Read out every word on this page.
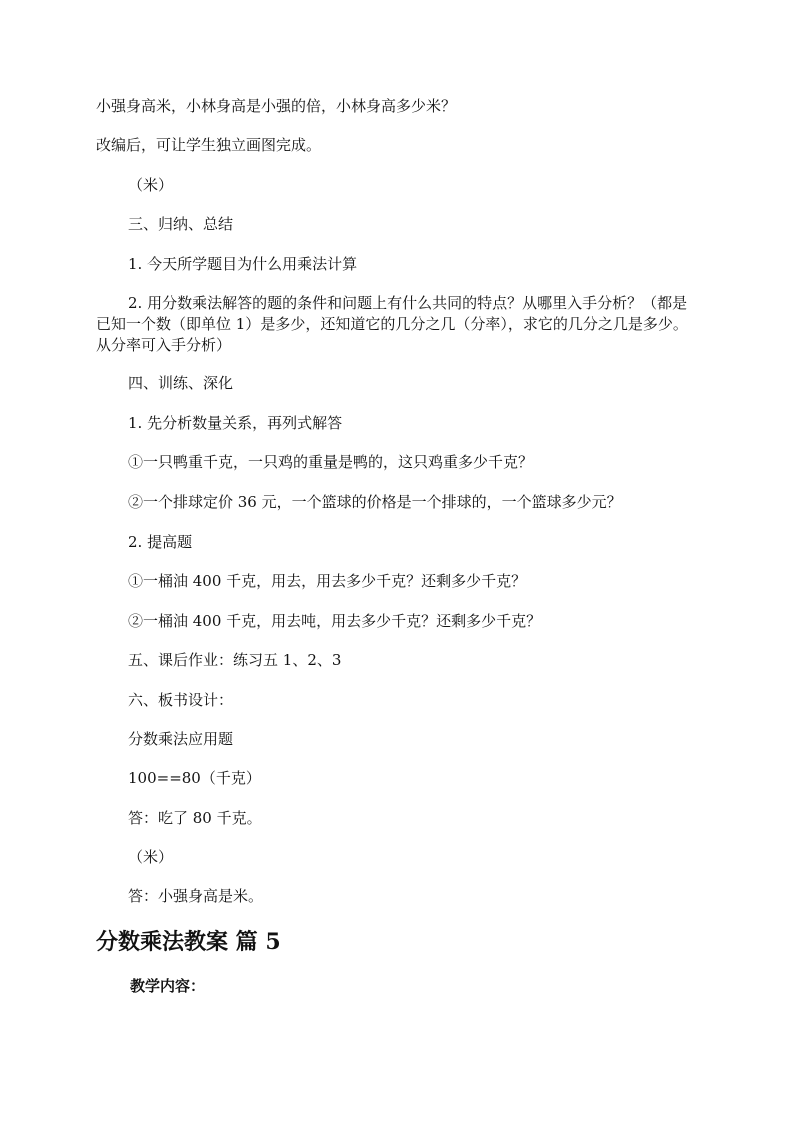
小强身高米，小林身高是小强的倍，小林身高多少米？

改编后，可让学生独立画图完成。

（米）

三、归纳、总结

1. 今天所学题目为什么用乘法计算

2. 用分数乘法解答的题的条件和问题上有什么共同的特点？从哪里入手分析？（都是已知一个数（即单位 1）是多少，还知道它的几分之几（分率），求它的几分之几是多少。从分率可入手分析）

四、训练、深化

1. 先分析数量关系，再列式解答

①一只鸭重千克，一只鸡的重量是鸭的，这只鸡重多少千克？

②一个排球定价 36 元，一个篮球的价格是一个排球的，一个篮球多少元？

2. 提高题

①一桶油 400 千克，用去，用去多少千克？还剩多少千克？

②一桶油 400 千克，用去吨，用去多少千克？还剩多少千克？

五、课后作业：练习五 1、2、3

六、板书设计：

分数乘法应用题

100==80（千克）

答：吃了 80 千克。

（米）

答：小强身高是米。

分数乘法教案 篇 5

教学内容：
